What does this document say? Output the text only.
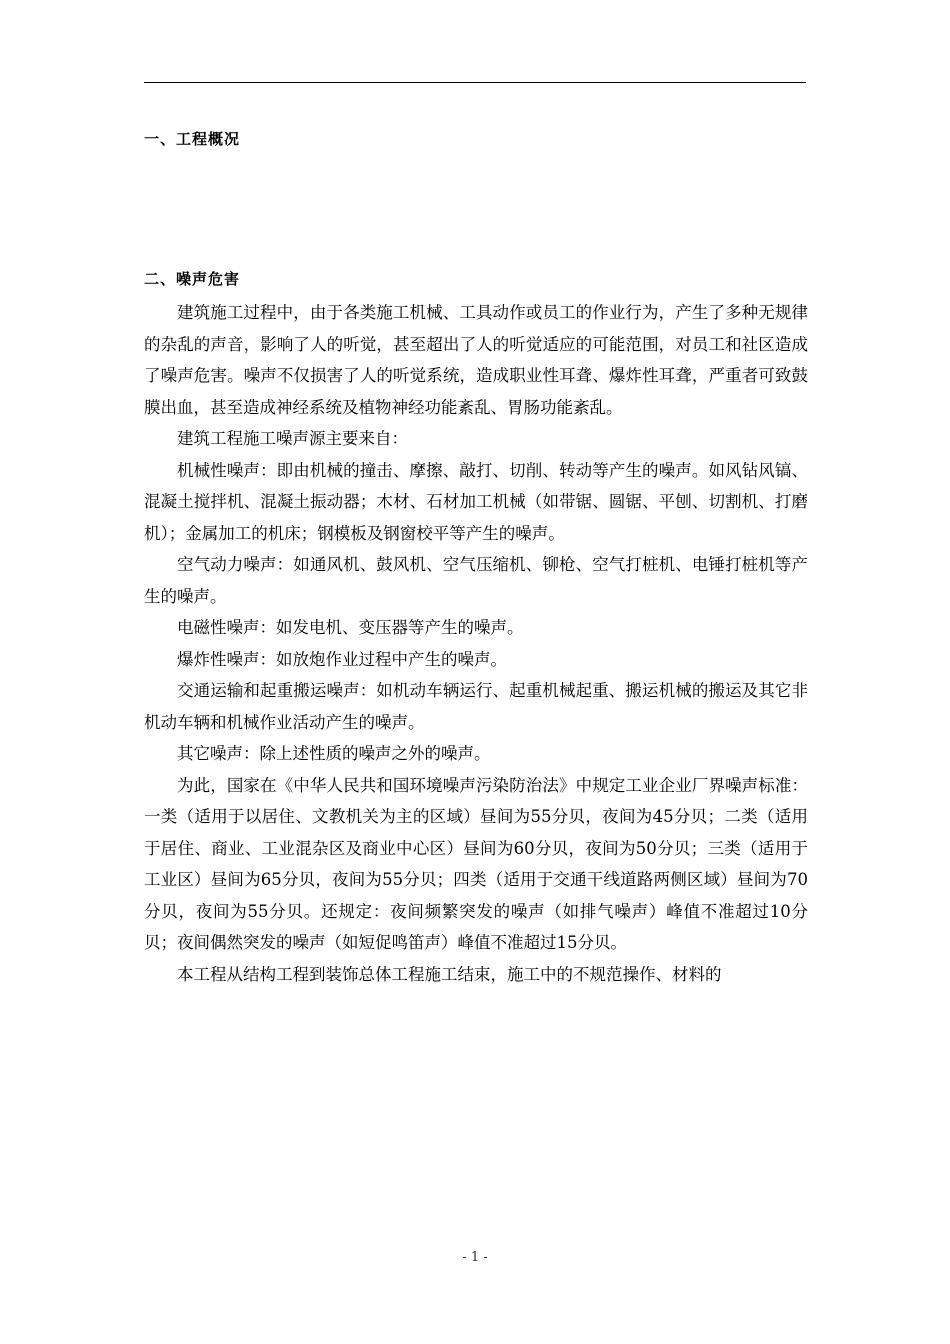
一、工程概况
二、噪声危害

建筑施工过程中，由于各类施工机械、工具动作或员工的作业行为，产生了多种无规律的杂乱的声音，影响了人的听觉，甚至超出了人的听觉适应的可能范围，对员工和社区造成了噪声危害。噪声不仅损害了人的听觉系统，造成职业性耳聋、爆炸性耳聋，严重者可致鼓膜出血，甚至造成神经系统及植物神经功能紊乱、胃肠功能紊乱。

建筑工程施工噪声源主要来自：

机械性噪声：即由机械的撞击、摩擦、敲打、切削、转动等产生的噪声。如风钻风镐、混凝土搅拌机、混凝土振动器；木材、石材加工机械（如带锯、圆锯、平刨、切割机、打磨机）；金属加工的机床；钢模板及钢窗校平等产生的噪声。

空气动力噪声：如通风机、鼓风机、空气压缩机、铆枪、空气打桩机、电锤打桩机等产生的噪声。

电磁性噪声：如发电机、变压器等产生的噪声。

爆炸性噪声：如放炮作业过程中产生的噪声。

交通运输和起重搬运噪声：如机动车辆运行、起重机械起重、搬运机械的搬运及其它非机动车辆和机械作业活动产生的噪声。

其它噪声：除上述性质的噪声之外的噪声。

为此，国家在《中华人民共和国环境噪声污染防治法》中规定工业企业厂界噪声标准：一类（适用于以居住、文教机关为主的区域）昼间为55分贝，夜间为45分贝；二类（适用于居住、商业、工业混杂区及商业中心区）昼间为60分贝，夜间为50分贝；三类（适用于工业区）昼间为65分贝，夜间为55分贝；四类（适用于交通干线道路两侧区域）昼间为70分贝，夜间为55分贝。还规定：夜间频繁突发的噪声（如排气噪声）峰值不准超过10分贝；夜间偶然突发的噪声（如短促鸣笛声）峰值不准超过15分贝。

本工程从结构工程到装饰总体工程施工结束，施工中的不规范操作、材料的

- 1 -
